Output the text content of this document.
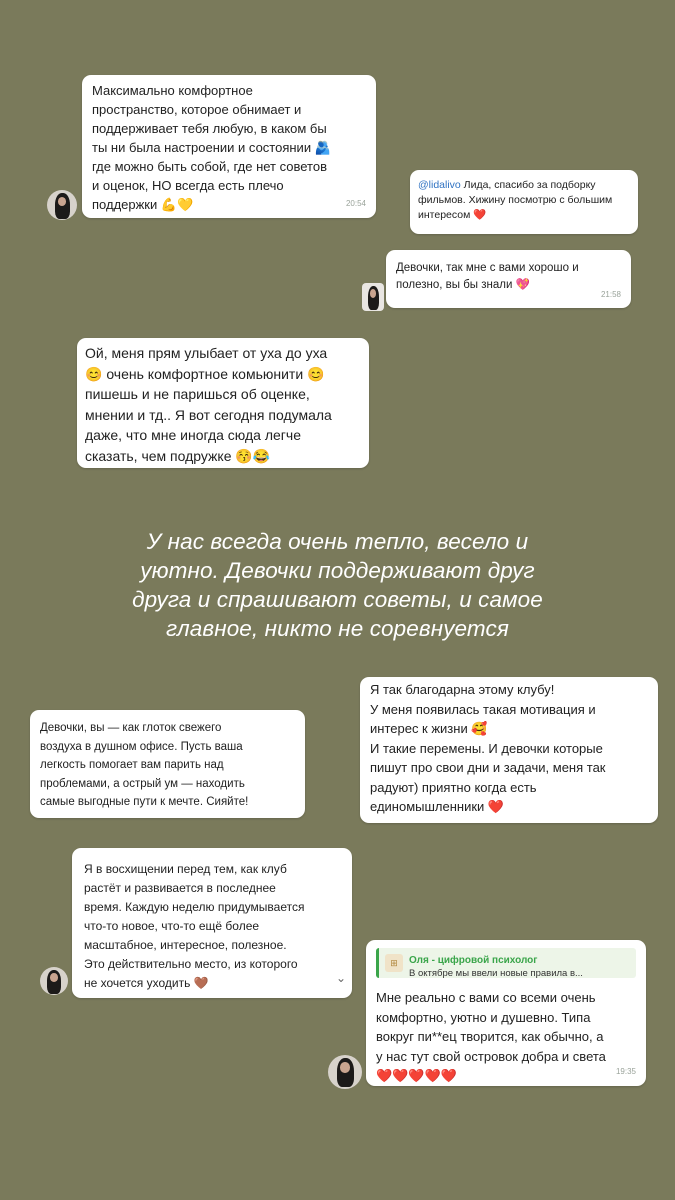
Максимально комфортное
пространство, которое обнимает и
поддерживает тебя любую, в каком бы
ты ни была настроении и состоянии 🫂
где можно быть собой, где нет советов
и оценок, НО всегда есть плечо
поддержки 💪💛	20:54
@lidalivo Лида, спасибо за подборку
фильмов. Хижину посмотрю с большим
интересом ❤️
Девочки, так мне с вами хорошо и
полезно, вы бы знали 💖
21:58
Ой, меня прям улыбает от уха до уха
😊 очень комфортное комьюнити 😊
пишешь и не паришься об оценке,
мнении и тд.. Я вот сегодня подумала
даже, что мне иногда сюда легче
сказать, чем подружке 😚😂
У нас всегда очень тепло, весело и
уютно. Девочки поддерживают друг
друга и спрашивают советы, и самое
главное, никто не соревнуется
Девочки, вы — как глоток свежего
воздуха в душном офисе. Пусть ваша
легкость помогает вам парить над
проблемами, а острый ум — находить
самые выгодные пути к мечте. Сияйте!
Я так благодарна этому клубу!
У меня появилась такая мотивация и
интерес к жизни 🥰
И такие перемены. И девочки которые
пишут про свои дни и задачи, меня так
радуют) приятно когда есть
единомышленники ❤️
Я в восхищении перед тем, как клуб
растёт и развивается в последнее
время. Каждую неделю придумывается
что-то новое, что-то ещё более
масштабное, интересное, полезное.
Это действительно место, из которого
не хочется уходить 🤎	⌄
⊞	Оля - цифровой психолог
В октябре мы ввели новые правила в...
Мне реально с вами со всеми очень
комфортно, уютно и душевно. Типа
вокруг пи**ец творится, как обычно, а
у нас тут свой островок добра и света
❤️❤️❤️❤️❤️	19:35
